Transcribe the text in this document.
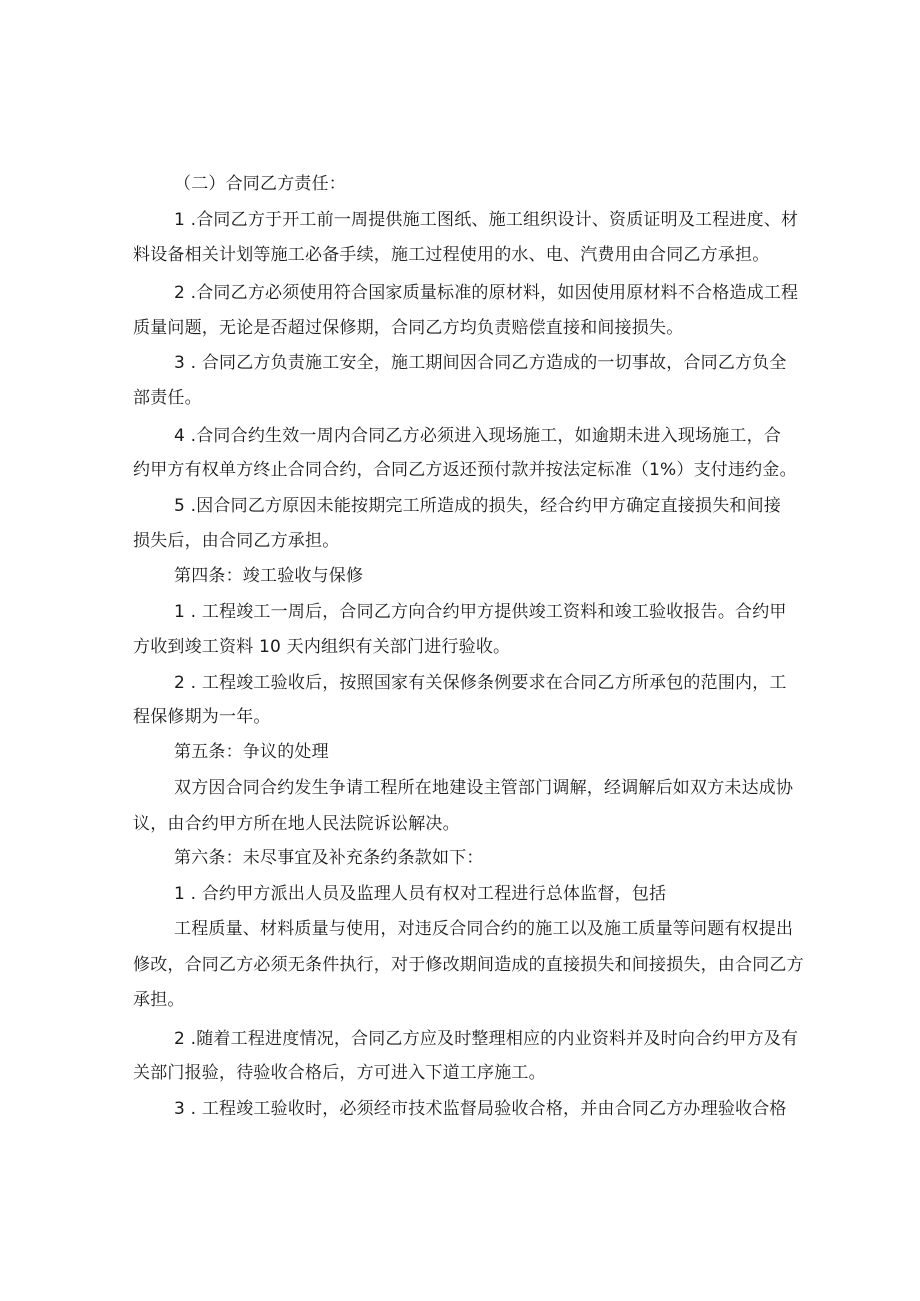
（二）合同乙方责任：
1 .合同乙方于开工前一周提供施工图纸、施工组织设计、资质证明及工程进度、材
料设备相关计划等施工必备手续，施工过程使用的水、电、汽费用由合同乙方承担。
2 .合同乙方必须使用符合国家质量标准的原材料，如因使用原材料不合格造成工程
质量问题，无论是否超过保修期，合同乙方均负责赔偿直接和间接损失。
3 . 合同乙方负责施工安全，施工期间因合同乙方造成的一切事故，合同乙方负全
部责任。
4 .合同合约生效一周内合同乙方必须进入现场施工，如逾期未进入现场施工，合
约甲方有权单方终止合同合约，合同乙方返还预付款并按法定标准（1%）支付违约金。
5 .因合同乙方原因未能按期完工所造成的损失，经合约甲方确定直接损失和间接
损失后，由合同乙方承担。
第四条：竣工验收与保修
1 . 工程竣工一周后，合同乙方向合约甲方提供竣工资料和竣工验收报告。合约甲
方收到竣工资料 10 天内组织有关部门进行验收。
2 . 工程竣工验收后，按照国家有关保修条例要求在合同乙方所承包的范围内，工
程保修期为一年。
第五条：争议的处理
双方因合同合约发生争请工程所在地建设主管部门调解，经调解后如双方未达成协
议，由合约甲方所在地人民法院诉讼解决。
第六条：未尽事宜及补充条约条款如下：
1 . 合约甲方派出人员及监理人员有权对工程进行总体监督，包括
工程质量、材料质量与使用，对违反合同合约的施工以及施工质量等问题有权提出
修改，合同乙方必须无条件执行，对于修改期间造成的直接损失和间接损失，由合同乙方
承担。
2 .随着工程进度情况，合同乙方应及时整理相应的内业资料并及时向合约甲方及有
关部门报验，待验收合格后，方可进入下道工序施工。
3 . 工程竣工验收时，必须经市技术监督局验收合格，并由合同乙方办理验收合格
